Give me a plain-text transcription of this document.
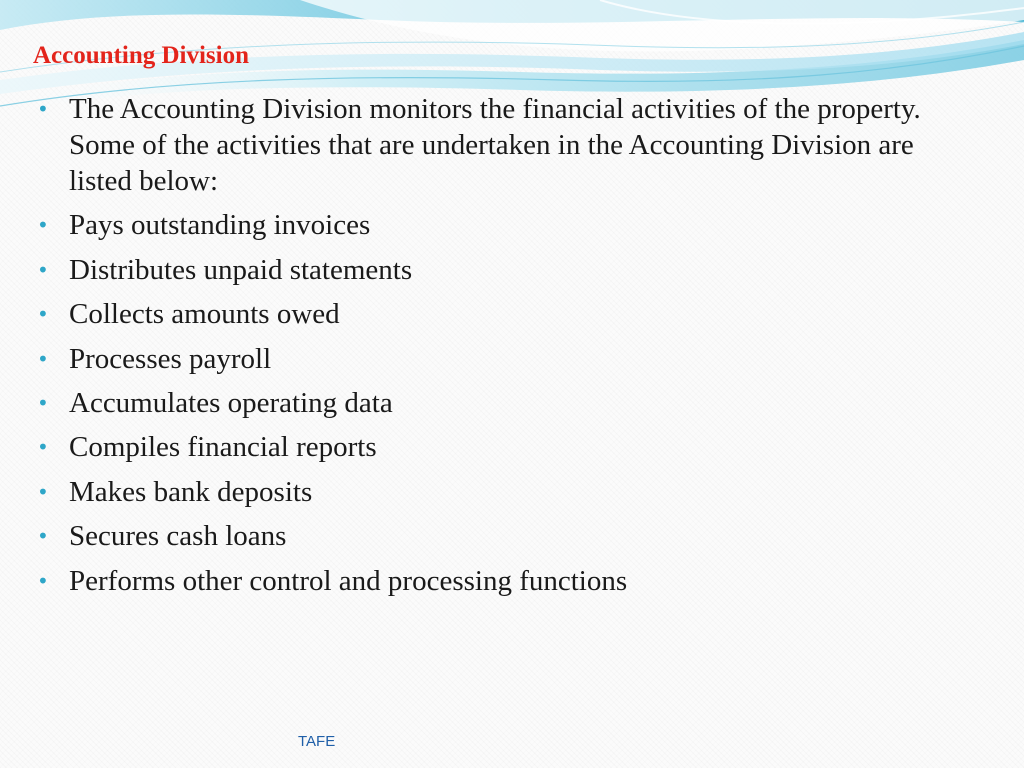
Accounting Division
• The Accounting Division monitors the financial activities of the property. Some of the activities that are undertaken in the Accounting Division are listed below:
• Pays outstanding invoices
• Distributes unpaid statements
• Collects amounts owed
• Processes payroll
• Accumulates operating data
• Compiles financial reports
• Makes bank deposits
• Secures cash loans
• Performs other control and processing functions
TAFE
